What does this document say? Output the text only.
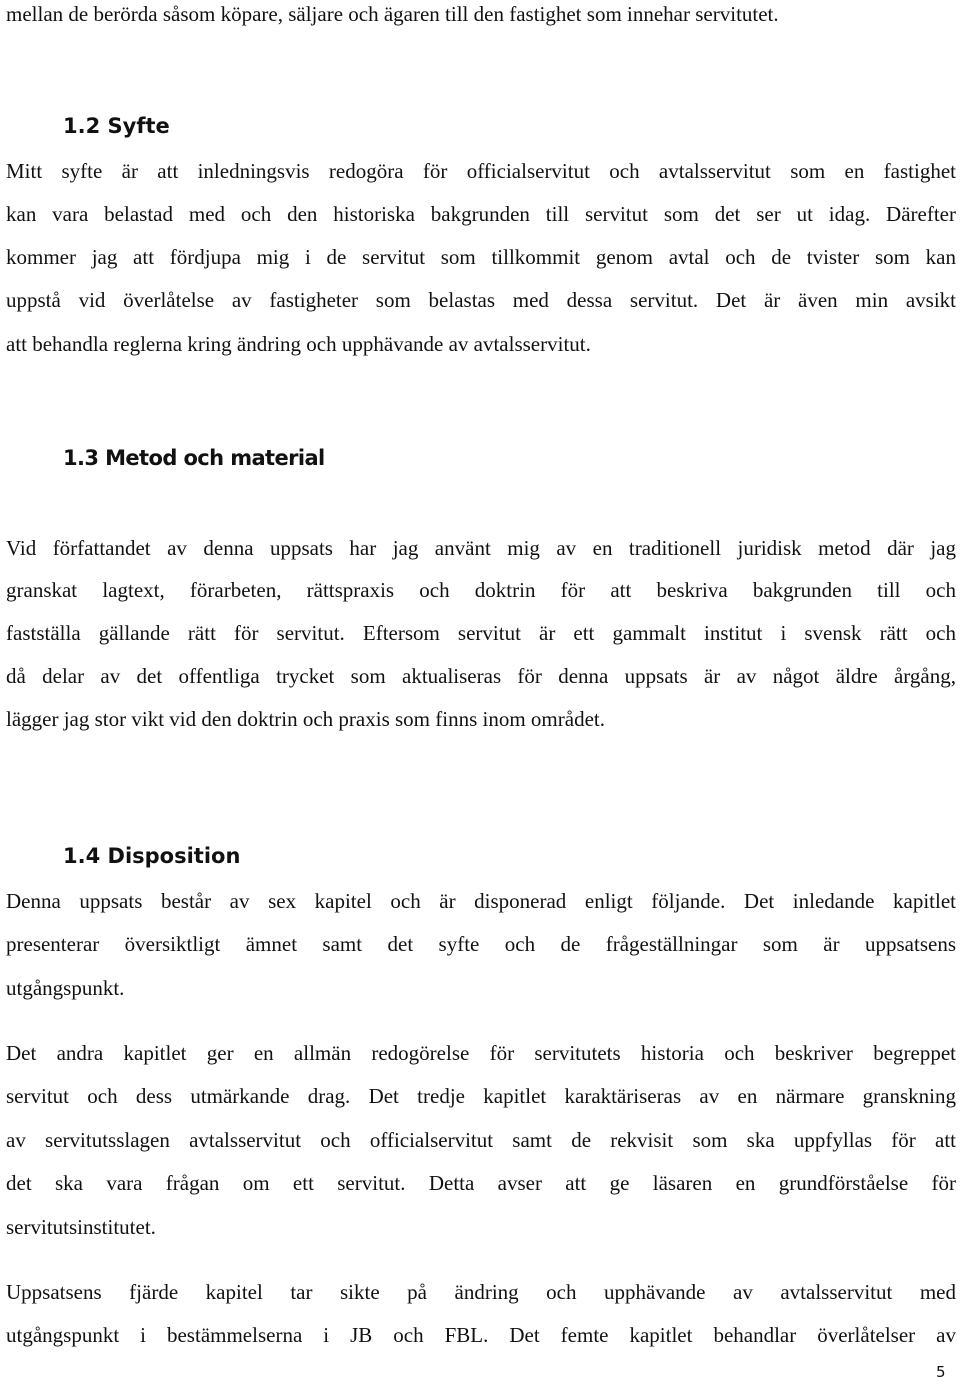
mellan de berörda såsom köpare, säljare och ägaren till den fastighet som innehar servitutet.

1.2 Syfte

Mitt syfte är att inledningsvis redogöra för officialservitut och avtalsservitut som en fastighet

kan vara belastad med och den historiska bakgrunden till servitut som det ser ut idag. Därefter

kommer jag att fördjupa mig i de servitut som tillkommit genom avtal och de tvister som kan

uppstå vid överlåtelse av fastigheter som belastas med dessa servitut. Det är även min avsikt

att behandla reglerna kring ändring och upphävande av avtalsservitut.

1.3 Metod och material

Vid författandet av denna uppsats har jag använt mig av en traditionell juridisk metod där jag

granskat lagtext, förarbeten, rättspraxis och doktrin för att beskriva bakgrunden till och

fastställa gällande rätt för servitut. Eftersom servitut är ett gammalt institut i svensk rätt och

då delar av det offentliga trycket som aktualiseras för denna uppsats är av något äldre årgång,

lägger jag stor vikt vid den doktrin och praxis som finns inom området.

1.4 Disposition

Denna uppsats består av sex kapitel och är disponerad enligt följande. Det inledande kapitlet

presenterar översiktligt ämnet samt det syfte och de frågeställningar som är uppsatsens

utgångspunkt.

Det andra kapitlet ger en allmän redogörelse för servitutets historia och beskriver begreppet

servitut och dess utmärkande drag. Det tredje kapitlet karaktäriseras av en närmare granskning

av servitutsslagen avtalsservitut och officialservitut samt de rekvisit som ska uppfyllas för att

det ska vara frågan om ett servitut. Detta avser att ge läsaren en grundförståelse för

servitutsinstitutet.

Uppsatsens fjärde kapitel tar sikte på ändring och upphävande av avtalsservitut med

utgångspunkt i bestämmelserna i JB och FBL. Det femte kapitlet behandlar överlåtelser av

5
